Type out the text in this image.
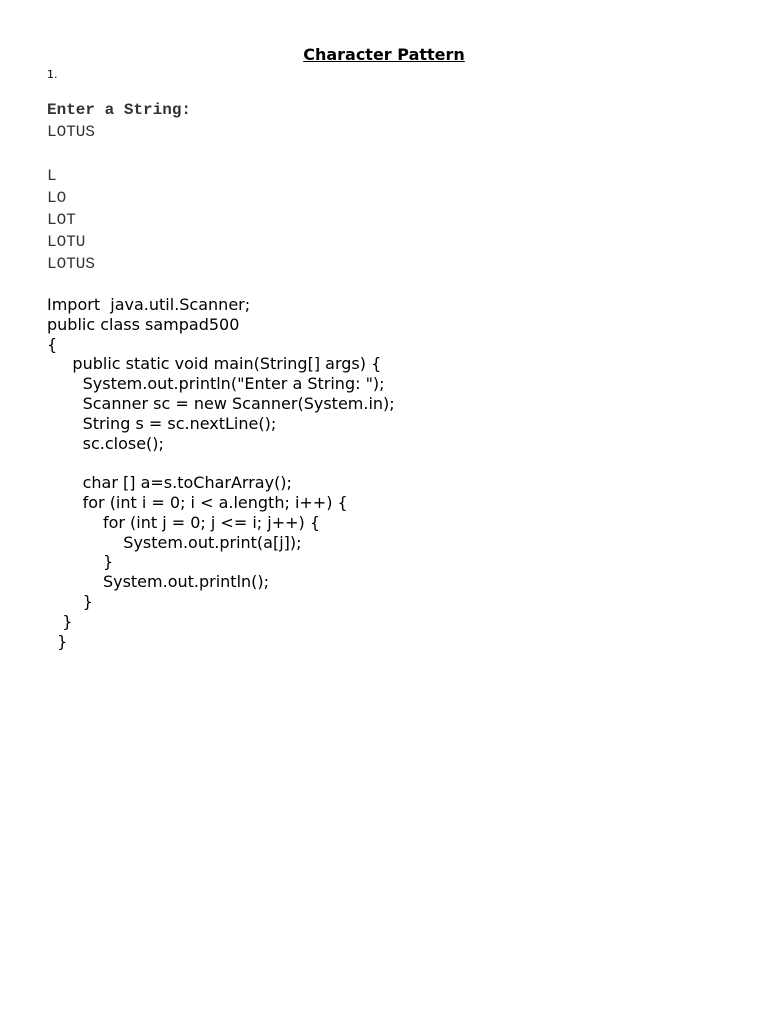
Character Pattern
1.
Enter a String:
LOTUS
L
LO
LOT
LOTU
LOTUS
Import  java.util.Scanner;
public class sampad500
{
public static void main(String[] args) {
System.out.println("Enter a String: ");
Scanner sc = new Scanner(System.in);
String s = sc.nextLine();
sc.close();
char [] a=s.toCharArray();
for (int i = 0; i < a.length; i++) {
for (int j = 0; j <= i; j++) {
System.out.print(a[j]);
}
System.out.println();
}
}
}
